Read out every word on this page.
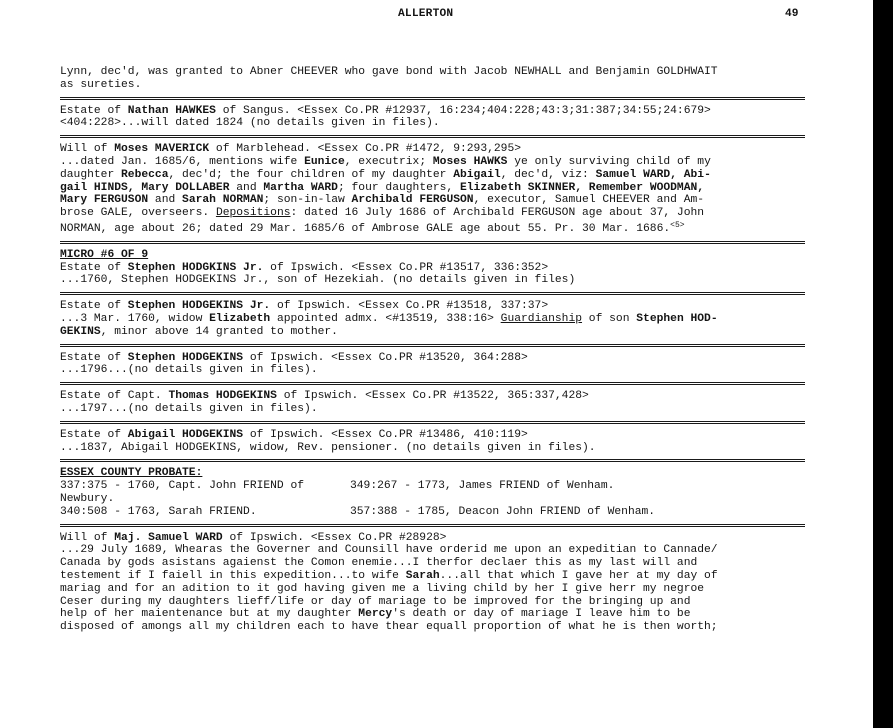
ALLERTON	49

Lynn, dec'd, was granted to Abner CHEEVER who gave bond with Jacob NEWHALL and Benjamin GOLDHWAIT

as sureties.

Estate of Nathan HAWKES of Sangus. <Essex Co.PR #12937, 16:234;404:228;43:3;31:387;34:55;24:679>

<404:228>...will dated 1824 (no details given in files).

Will of Moses MAVERICK of Marblehead. <Essex Co.PR #1472, 9:293,295>

...dated Jan. 1685/6, mentions wife Eunice, executrix; Moses HAWKS ye only surviving child of my

daughter Rebecca, dec'd; the four children of my daughter Abigail, dec'd, viz: Samuel WARD, Abi-

gail HINDS, Mary DOLLABER and Martha WARD; four daughters, Elizabeth SKINNER, Remember WOODMAN,

Mary FERGUSON and Sarah NORMAN; son-in-law Archibald FERGUSON, executor, Samuel CHEEVER and Am-

brose GALE, overseers. Depositions: dated 16 July 1686 of Archibald FERGUSON age about 37, John

NORMAN, age about 26; dated 29 Mar. 1685/6 of Ambrose GALE age about 55. Pr. 30 Mar. 1686.$^{<5>}$

MICRO #6 OF 9

Estate of Stephen HODGKINS Jr. of Ipswich. <Essex Co.PR #13517, 336:352>

...1760, Stephen HODGEKINS Jr., son of Hezekiah. (no details given in files)

Estate of Stephen HODGEKINS Jr. of Ipswich. <Essex Co.PR #13518, 337:37>

...3 Mar. 1760, widow Elizabeth appointed admx. <#13519, 338:16> Guardianship of son Stephen HOD-

GEKINS, minor above 14 granted to mother.

Estate of Stephen HODGEKINS of Ipswich. <Essex Co.PR #13520, 364:288>

...1796...(no details given in files).

Estate of Capt. Thomas HODGEKINS of Ipswich. <Essex Co.PR #13522, 365:337,428>

...1797...(no details given in files).

Estate of Abigail HODGEKINS of Ipswich. <Essex Co.PR #13486, 410:119>

...1837, Abigail HODGEKINS, widow, Rev. pensioner. (no details given in files).

ESSEX COUNTY PROBATE:

337:375 - 1760, Capt. John FRIEND of Newbury.
349:267 - 1773, James FRIEND of Wenham.
340:508 - 1763, Sarah FRIEND.	357:388 - 1785, Deacon John FRIEND of Wenham.

Will of Maj. Samuel WARD of Ipswich. <Essex Co.PR #28928>

...29 July 1689, Whearas the Governer and Counsill have orderid me upon an expeditian to Cannade/

Canada by gods asistans agaienst the Comon enemie...I therfor declaer this as my last will and

testement if I faiell in this expedition...to wife Sarah...all that which I gave her at my day of

mariag and for an adition to it god having given me a living child by her I give herr my negroe

Ceser during my daughters lieff/life or day of mariage to be improved for the bringing up and

help of her maientenance but at my daughter Mercy's death or day of mariage I leave him to be

disposed of amongs all my children each to have thear equall proportion of what he is then worth;
